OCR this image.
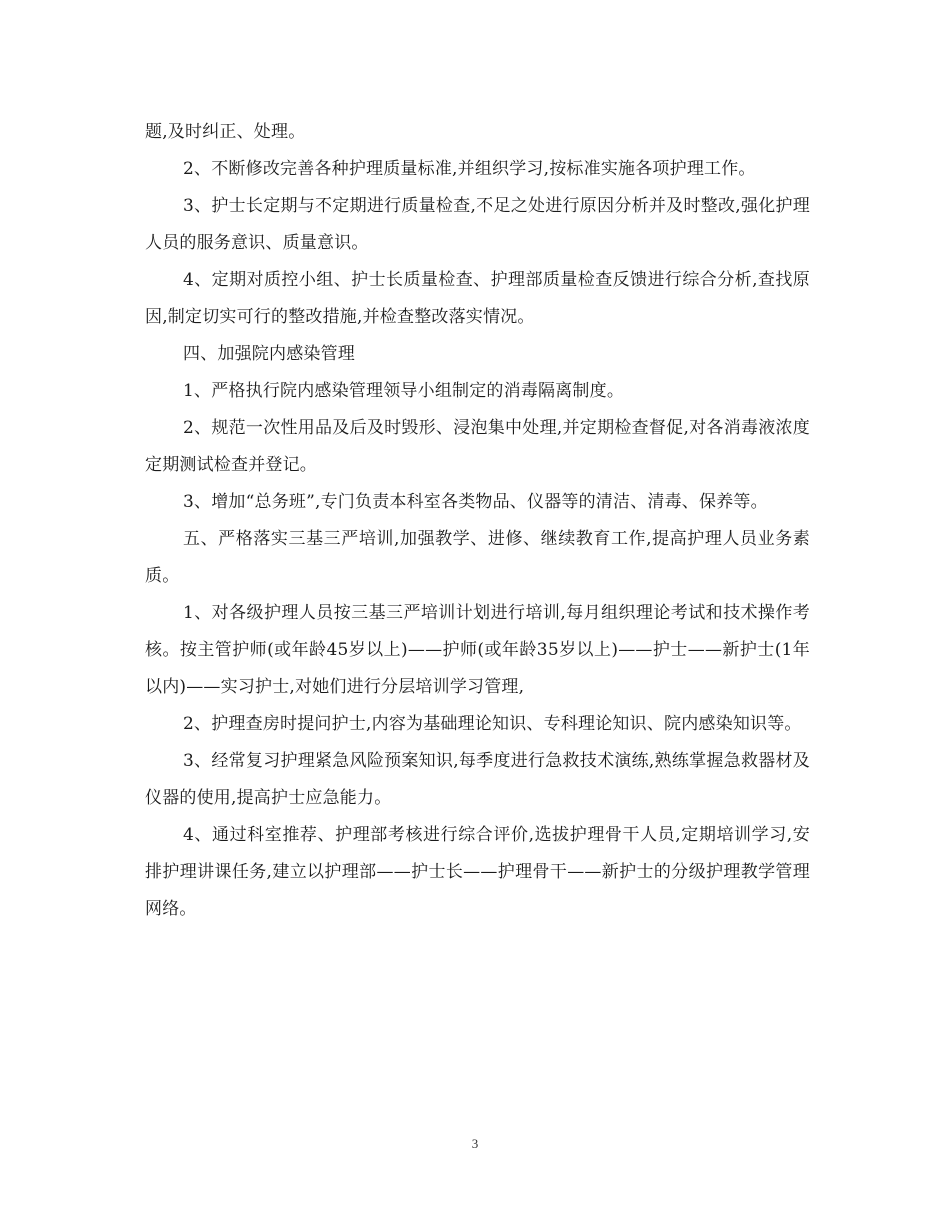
题,及时纠正、处理。

2、不断修改完善各种护理质量标准,并组织学习,按标准实施各项护理工作。

3、护士长定期与不定期进行质量检查,不足之处进行原因分析并及时整改,强化护理人员的服务意识、质量意识。

4、定期对质控小组、护士长质量检查、护理部质量检查反馈进行综合分析,查找原因,制定切实可行的整改措施,并检查整改落实情况。

四、加强院内感染管理

1、严格执行院内感染管理领导小组制定的消毒隔离制度。

2、规范一次性用品及后及时毁形、浸泡集中处理,并定期检查督促,对各消毒液浓度定期测试检查并登记。

3、增加“总务班”,专门负责本科室各类物品、仪器等的清洁、清毒、保养等。

五、严格落实三基三严培训,加强教学、进修、继续教育工作,提高护理人员业务素质。

1、对各级护理人员按三基三严培训计划进行培训,每月组织理论考试和技术操作考核。按主管护师(或年龄45岁以上)——护师(或年龄35岁以上)——护士——新护士(1年以内)——实习护士,对她们进行分层培训学习管理,

2、护理查房时提问护士,内容为基础理论知识、专科理论知识、院内感染知识等。

3、经常复习护理紧急风险预案知识,每季度进行急救技术演练,熟练掌握急救器材及仪器的使用,提高护士应急能力。

4、通过科室推荐、护理部考核进行综合评价,选拔护理骨干人员,定期培训学习,安排护理讲课任务,建立以护理部——护士长——护理骨干——新护士的分级护理教学管理网络。

3
